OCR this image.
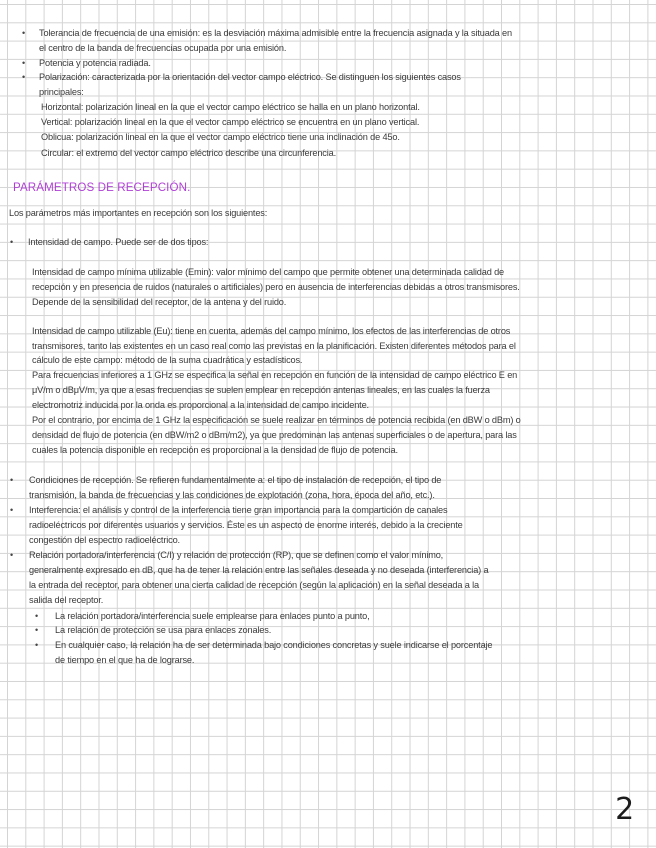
• Tolerancia de frecuencia de una emisión: es la desviación máxima admisible entre la frecuencia asignada y la situada en
el centro de la banda de frecuencias ocupada por una emisión.
• Potencia y potencia radiada.
• Polarización: caracterizada por la orientación del vector campo eléctrico. Se distinguen los siguientes casos
principales:
Horizontal: polarización lineal en la que el vector campo eléctrico se halla en un plano horizontal.
Vertical: polarización lineal en la que el vector campo eléctrico se encuentra en un plano vertical.
Oblicua: polarización lineal en la que el vector campo eléctrico tiene una inclinación de 45o.
Circular: el extremo del vector campo eléctrico describe una circunferencia.
PARÁMETROS DE RECEPCIÓN.
Los parámetros más importantes en recepción son los siguientes:
• Intensidad de campo. Puede ser de dos tipos:
Intensidad de campo mínima utilizable (Emin): valor mínimo del campo que permite obtener una determinada calidad de
recepción y en presencia de ruidos (naturales o artificiales) pero en ausencia de interferencias debidas a otros transmisores.
Depende de la sensibilidad del receptor, de la antena y del ruido.
Intensidad de campo utilizable (Eu): tiene en cuenta, además del campo mínimo, los efectos de las interferencias de otros
transmisores, tanto las existentes en un caso real como las previstas en la planificación. Existen diferentes métodos para el
cálculo de este campo: método de la suma cuadrática y estadísticos.
Para frecuencias inferiores a 1 GHz se especifica la señal en recepción en función de la intensidad de campo eléctrico E en
μV/m o dBμV/m, ya que a esas frecuencias se suelen emplear en recepción antenas lineales, en las cuales la fuerza
electromotriz inducida por la onda es proporcional a la intensidad de campo incidente.
Por el contrario, por encima de 1 GHz la especificación se suele realizar en términos de potencia recibida (en dBW o dBm) o
densidad de flujo de potencia (en dBW/m2 o dBm/m2), ya que predominan las antenas superficiales o de apertura, para las
cuales la potencia disponible en recepción es proporcional a la densidad de flujo de potencia.
• Condiciones de recepción. Se refieren fundamentalmente a: el tipo de instalación de recepción, el tipo de
transmisión, la banda de frecuencias y las condiciones de explotación (zona, hora, época del año, etc.).
• Interferencia: el análisis y control de la interferencia tiene gran importancia para la compartición de canales
radioeléctricos por diferentes usuarios y servicios. Éste es un aspecto de enorme interés, debido a la creciente
congestión del espectro radioeléctrico.
• Relación portadora/interferencia (C/I) y relación de protección (RP), que se definen como el valor mínimo,
generalmente expresado en dB, que ha de tener la relación entre las señales deseada y no deseada (interferencia) a
la entrada del receptor, para obtener una cierta calidad de recepción (según la aplicación) en la señal deseada a la
salida del receptor.
• La relación portadora/interferencia suele emplearse para enlaces punto a punto,
• La relación de protección se usa para enlaces zonales.
• En cualquier caso, la relación ha de ser determinada bajo condiciones concretas y suele indicarse el porcentaje
de tiempo en el que ha de lograrse.
2
